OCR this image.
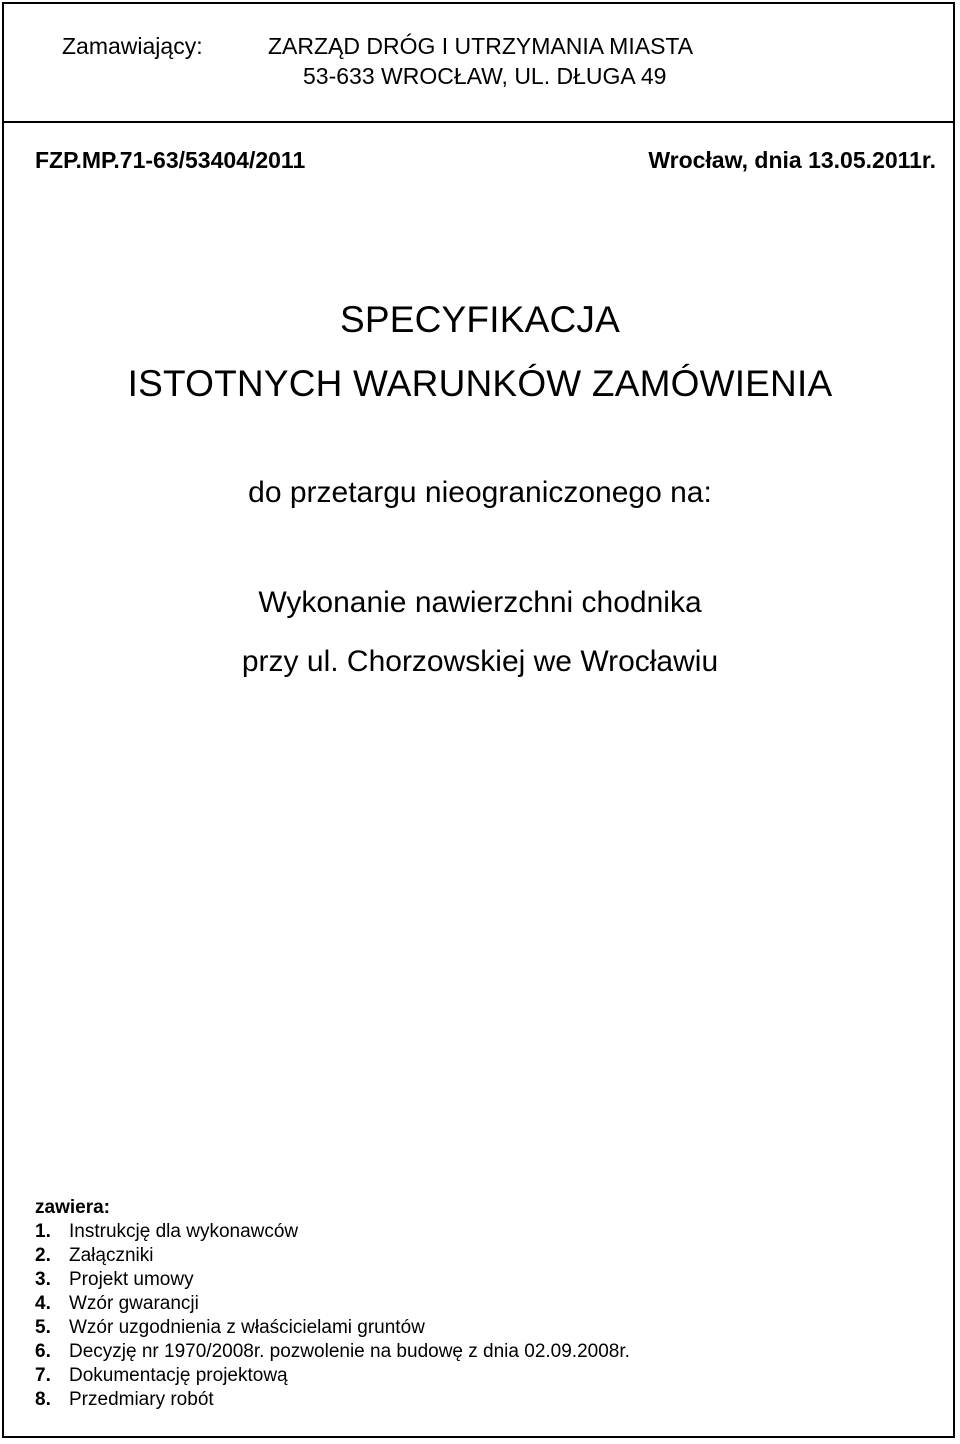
Zamawiający:	ZARZĄD DRÓG I UTRZYMANIA MIASTA
53-633 WROCŁAW, UL. DŁUGA 49
FZP.MP.71-63/53404/2011	Wrocław, dnia 13.05.2011r.
SPECYFIKACJA
ISTOTNYCH WARUNKÓW ZAMÓWIENIA
do przetargu nieograniczonego na:
Wykonanie nawierzchni chodnika
przy ul. Chorzowskiej we Wrocławiu
zawiera:
1. Instrukcję dla wykonawców
2. Załączniki
3. Projekt umowy
4. Wzór gwarancji
5. Wzór uzgodnienia z właścicielami gruntów
6. Decyzję nr 1970/2008r. pozwolenie na budowę z dnia 02.09.2008r.
7. Dokumentację projektową
8. Przedmiary robót
